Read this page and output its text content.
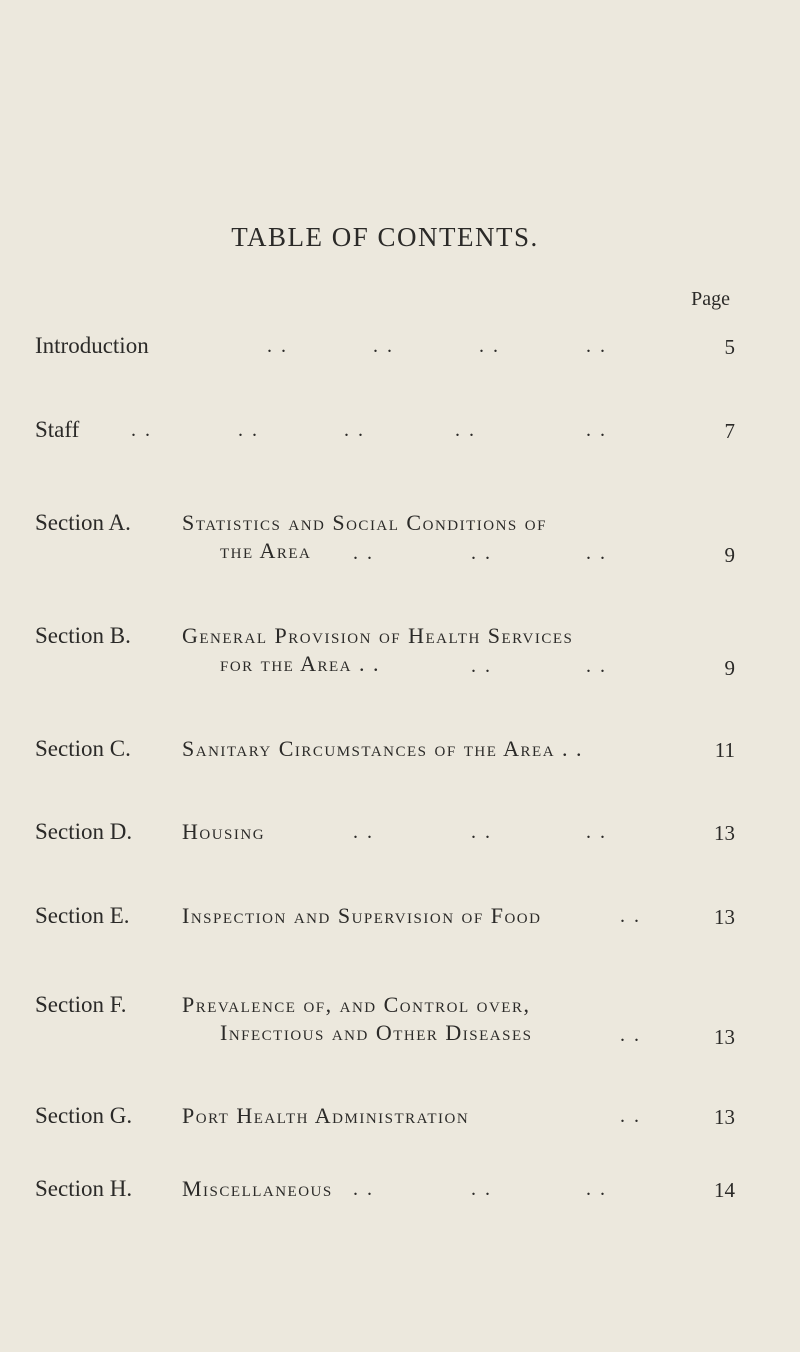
TABLE OF CONTENTS.
Page
Introduction	. .	. .	. .	. .	5
Staff	. .	. .	. .	. .	. .	7
Section A. Statistics and Social Conditions of
the Area	. .	. .	. .	9
Section B. General Provision of Health Services
for the Area . .	. .	. .	9
Section C. Sanitary Circumstances of the Area . .	11
Section D. Housing	. .	. .	. .	13
Section E. Inspection and Supervision of Food	. .	13
Section F.	Prevalence of, and Control over,
Infectious and Other Diseases	. .	13
Section G. Port Health Administration	. .	13
Section H. Miscellaneous . .	. .	. .	14
